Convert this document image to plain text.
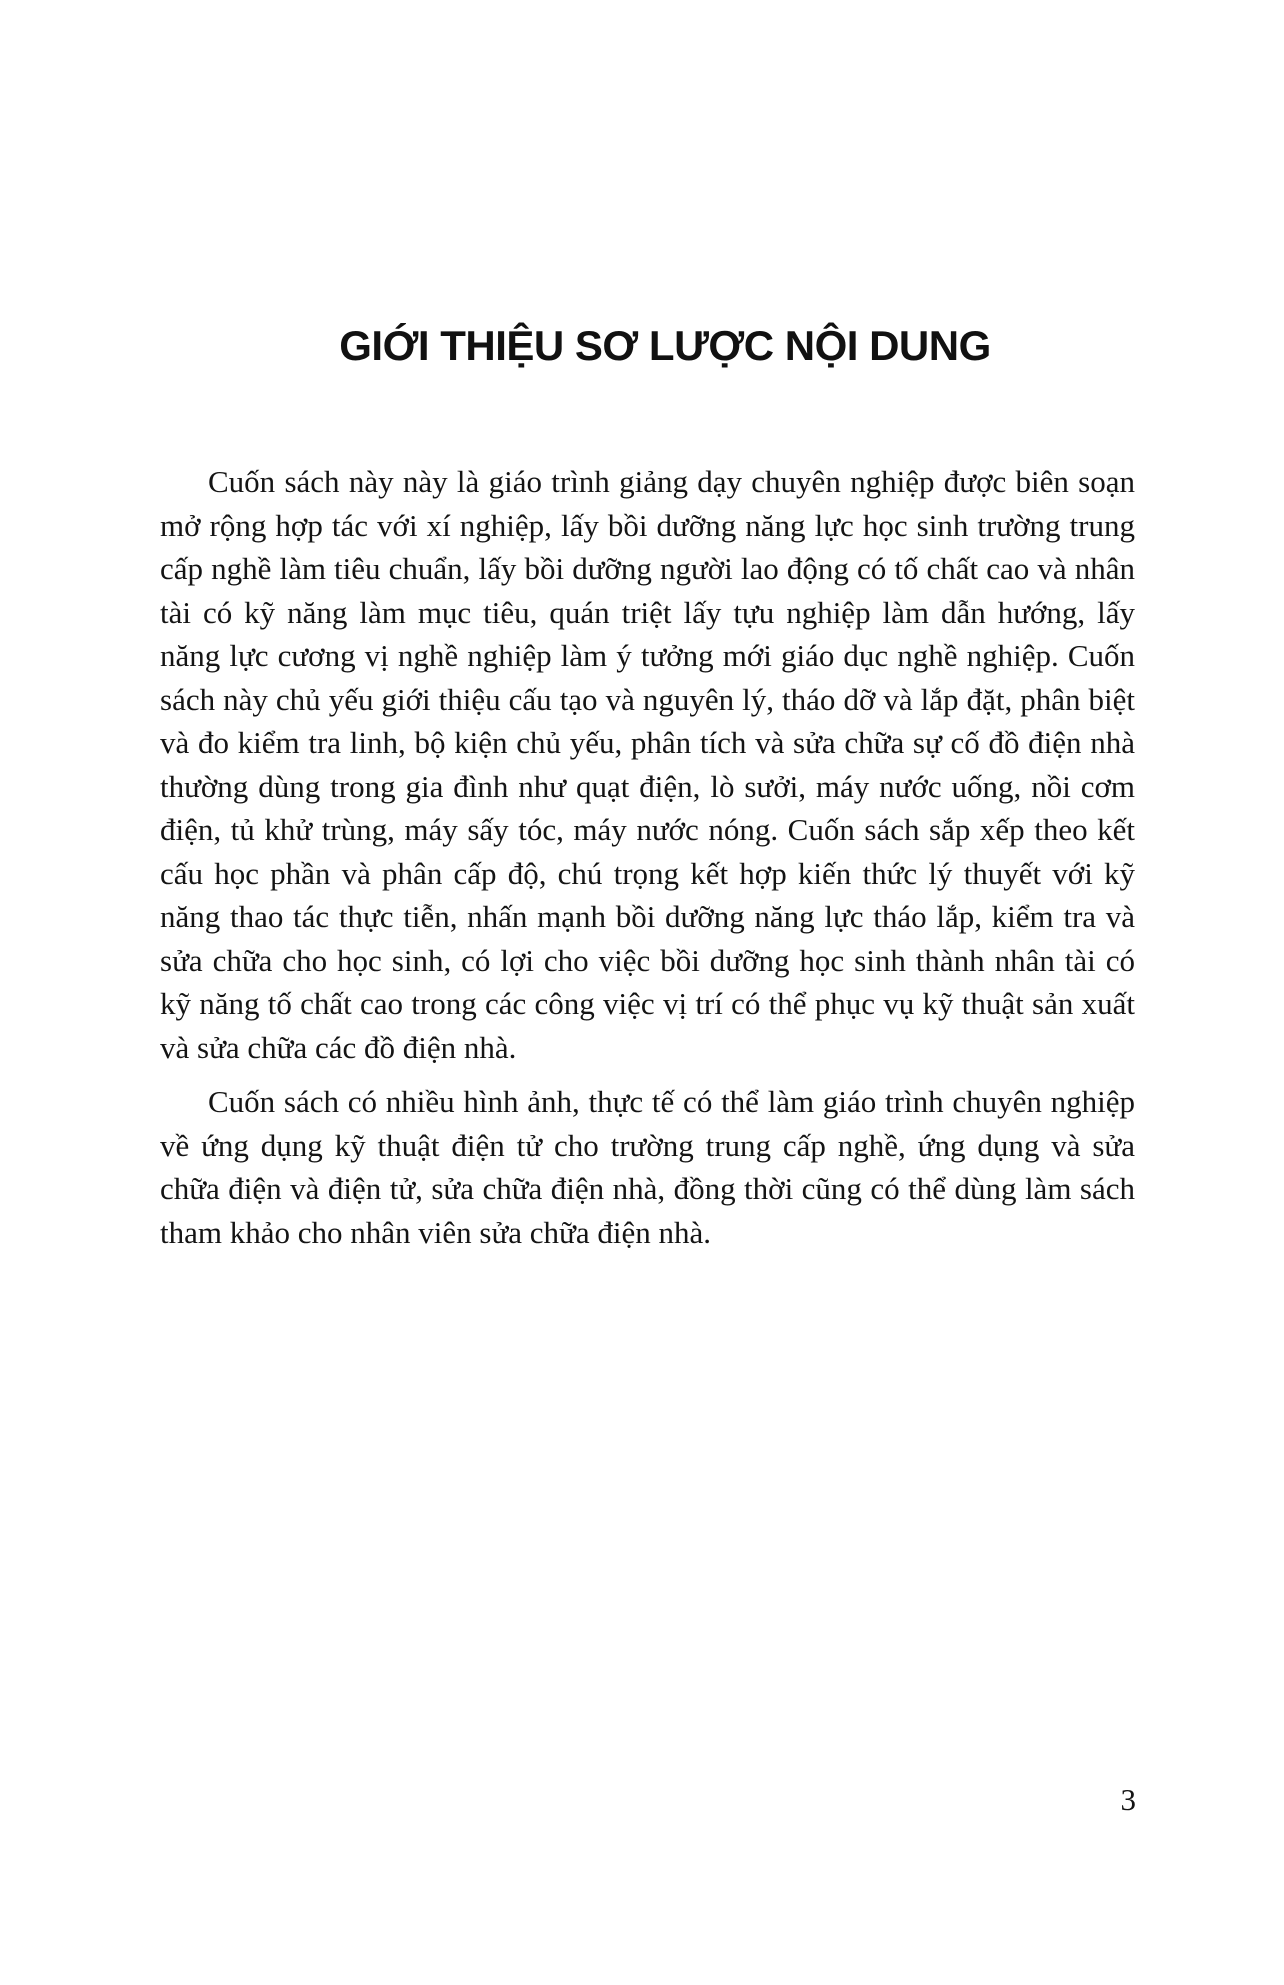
GIỚI THIỆU SƠ LƯỢC NỘI DUNG

Cuốn sách này này là giáo trình giảng dạy chuyên nghiệp được biên soạn mở rộng hợp tác với xí nghiệp, lấy bồi dưỡng năng lực học sinh trường trung cấp nghề làm tiêu chuẩn, lấy bồi dưỡng người lao động có tố chất cao và nhân tài có kỹ năng làm mục tiêu, quán triệt lấy tựu nghiệp làm dẫn hướng, lấy năng lực cương vị nghề nghiệp làm ý tưởng mới giáo dục nghề nghiệp. Cuốn sách này chủ yếu giới thiệu cấu tạo và nguyên lý, tháo dỡ và lắp đặt, phân biệt và đo kiểm tra linh, bộ kiện chủ yếu, phân tích và sửa chữa sự cố đồ điện nhà thường dùng trong gia đình như quạt điện, lò sưởi, máy nước uống, nồi cơm điện, tủ khử trùng, máy sấy tóc, máy nước nóng. Cuốn sách sắp xếp theo kết cấu học phần và phân cấp độ, chú trọng kết hợp kiến thức lý thuyết với kỹ năng thao tác thực tiễn, nhấn mạnh bồi dưỡng năng lực tháo lắp, kiểm tra và sửa chữa cho học sinh, có lợi cho việc bồi dưỡng học sinh thành nhân tài có kỹ năng tố chất cao trong các công việc vị trí có thể phục vụ kỹ thuật sản xuất và sửa chữa các đồ điện nhà.

Cuốn sách có nhiều hình ảnh, thực tế có thể làm giáo trình chuyên nghiệp về ứng dụng kỹ thuật điện tử cho trường trung cấp nghề, ứng dụng và sửa chữa điện và điện tử, sửa chữa điện nhà, đồng thời cũng có thể dùng làm sách tham khảo cho nhân viên sửa chữa điện nhà.

3
